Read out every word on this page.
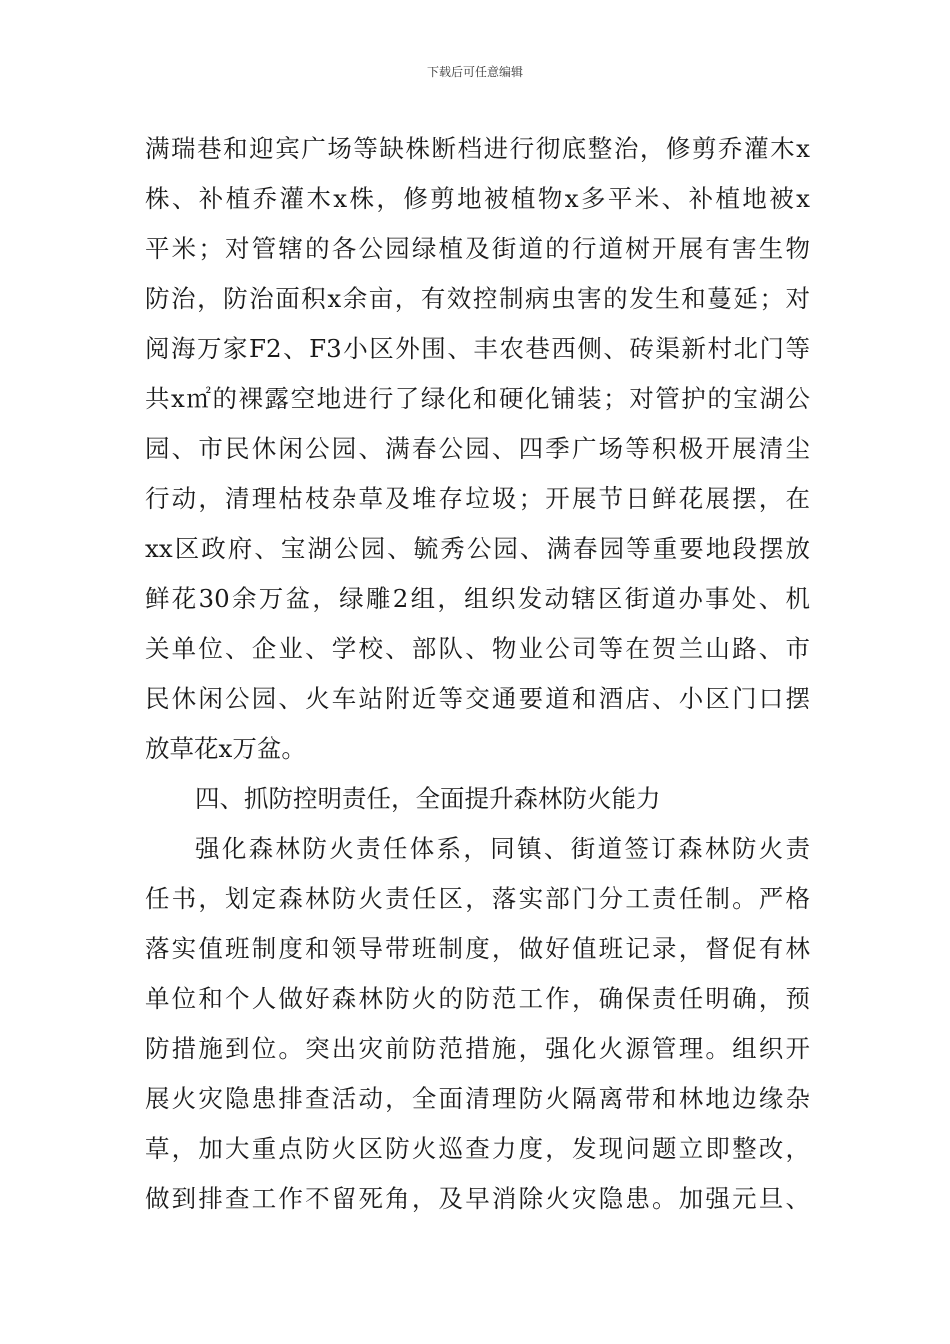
下载后可任意编辑
满瑞巷和迎宾广场等缺株断档进行彻底整治，修剪乔灌木x
株、补植乔灌木x株，修剪地被植物x多平米、补植地被x
平米；对管辖的各公园绿植及街道的行道树开展有害生物
防治，防治面积x余亩，有效控制病虫害的发生和蔓延；对
阅海万家F2、F3小区外围、丰农巷西侧、砖渠新村北门等
共x㎡的裸露空地进行了绿化和硬化铺装；对管护的宝湖公
园、市民休闲公园、满春公园、四季广场等积极开展清尘
行动，清理枯枝杂草及堆存垃圾；开展节日鲜花展摆，在
xx区政府、宝湖公园、毓秀公园、满春园等重要地段摆放
鲜花30余万盆，绿雕2组，组织发动辖区街道办事处、机
关单位、企业、学校、部队、物业公司等在贺兰山路、市
民休闲公园、火车站附近等交通要道和酒店、小区门口摆
放草花x万盆。
四、抓防控明责任，全面提升森林防火能力
强化森林防火责任体系，同镇、街道签订森林防火责
任书，划定森林防火责任区，落实部门分工责任制。严格
落实值班制度和领导带班制度，做好值班记录，督促有林
单位和个人做好森林防火的防范工作，确保责任明确，预
防措施到位。突出灾前防范措施，强化火源管理。组织开
展火灾隐患排查活动，全面清理防火隔离带和林地边缘杂
草，加大重点防火区防火巡查力度，发现问题立即整改，
做到排查工作不留死角，及早消除火灾隐患。加强元旦、
